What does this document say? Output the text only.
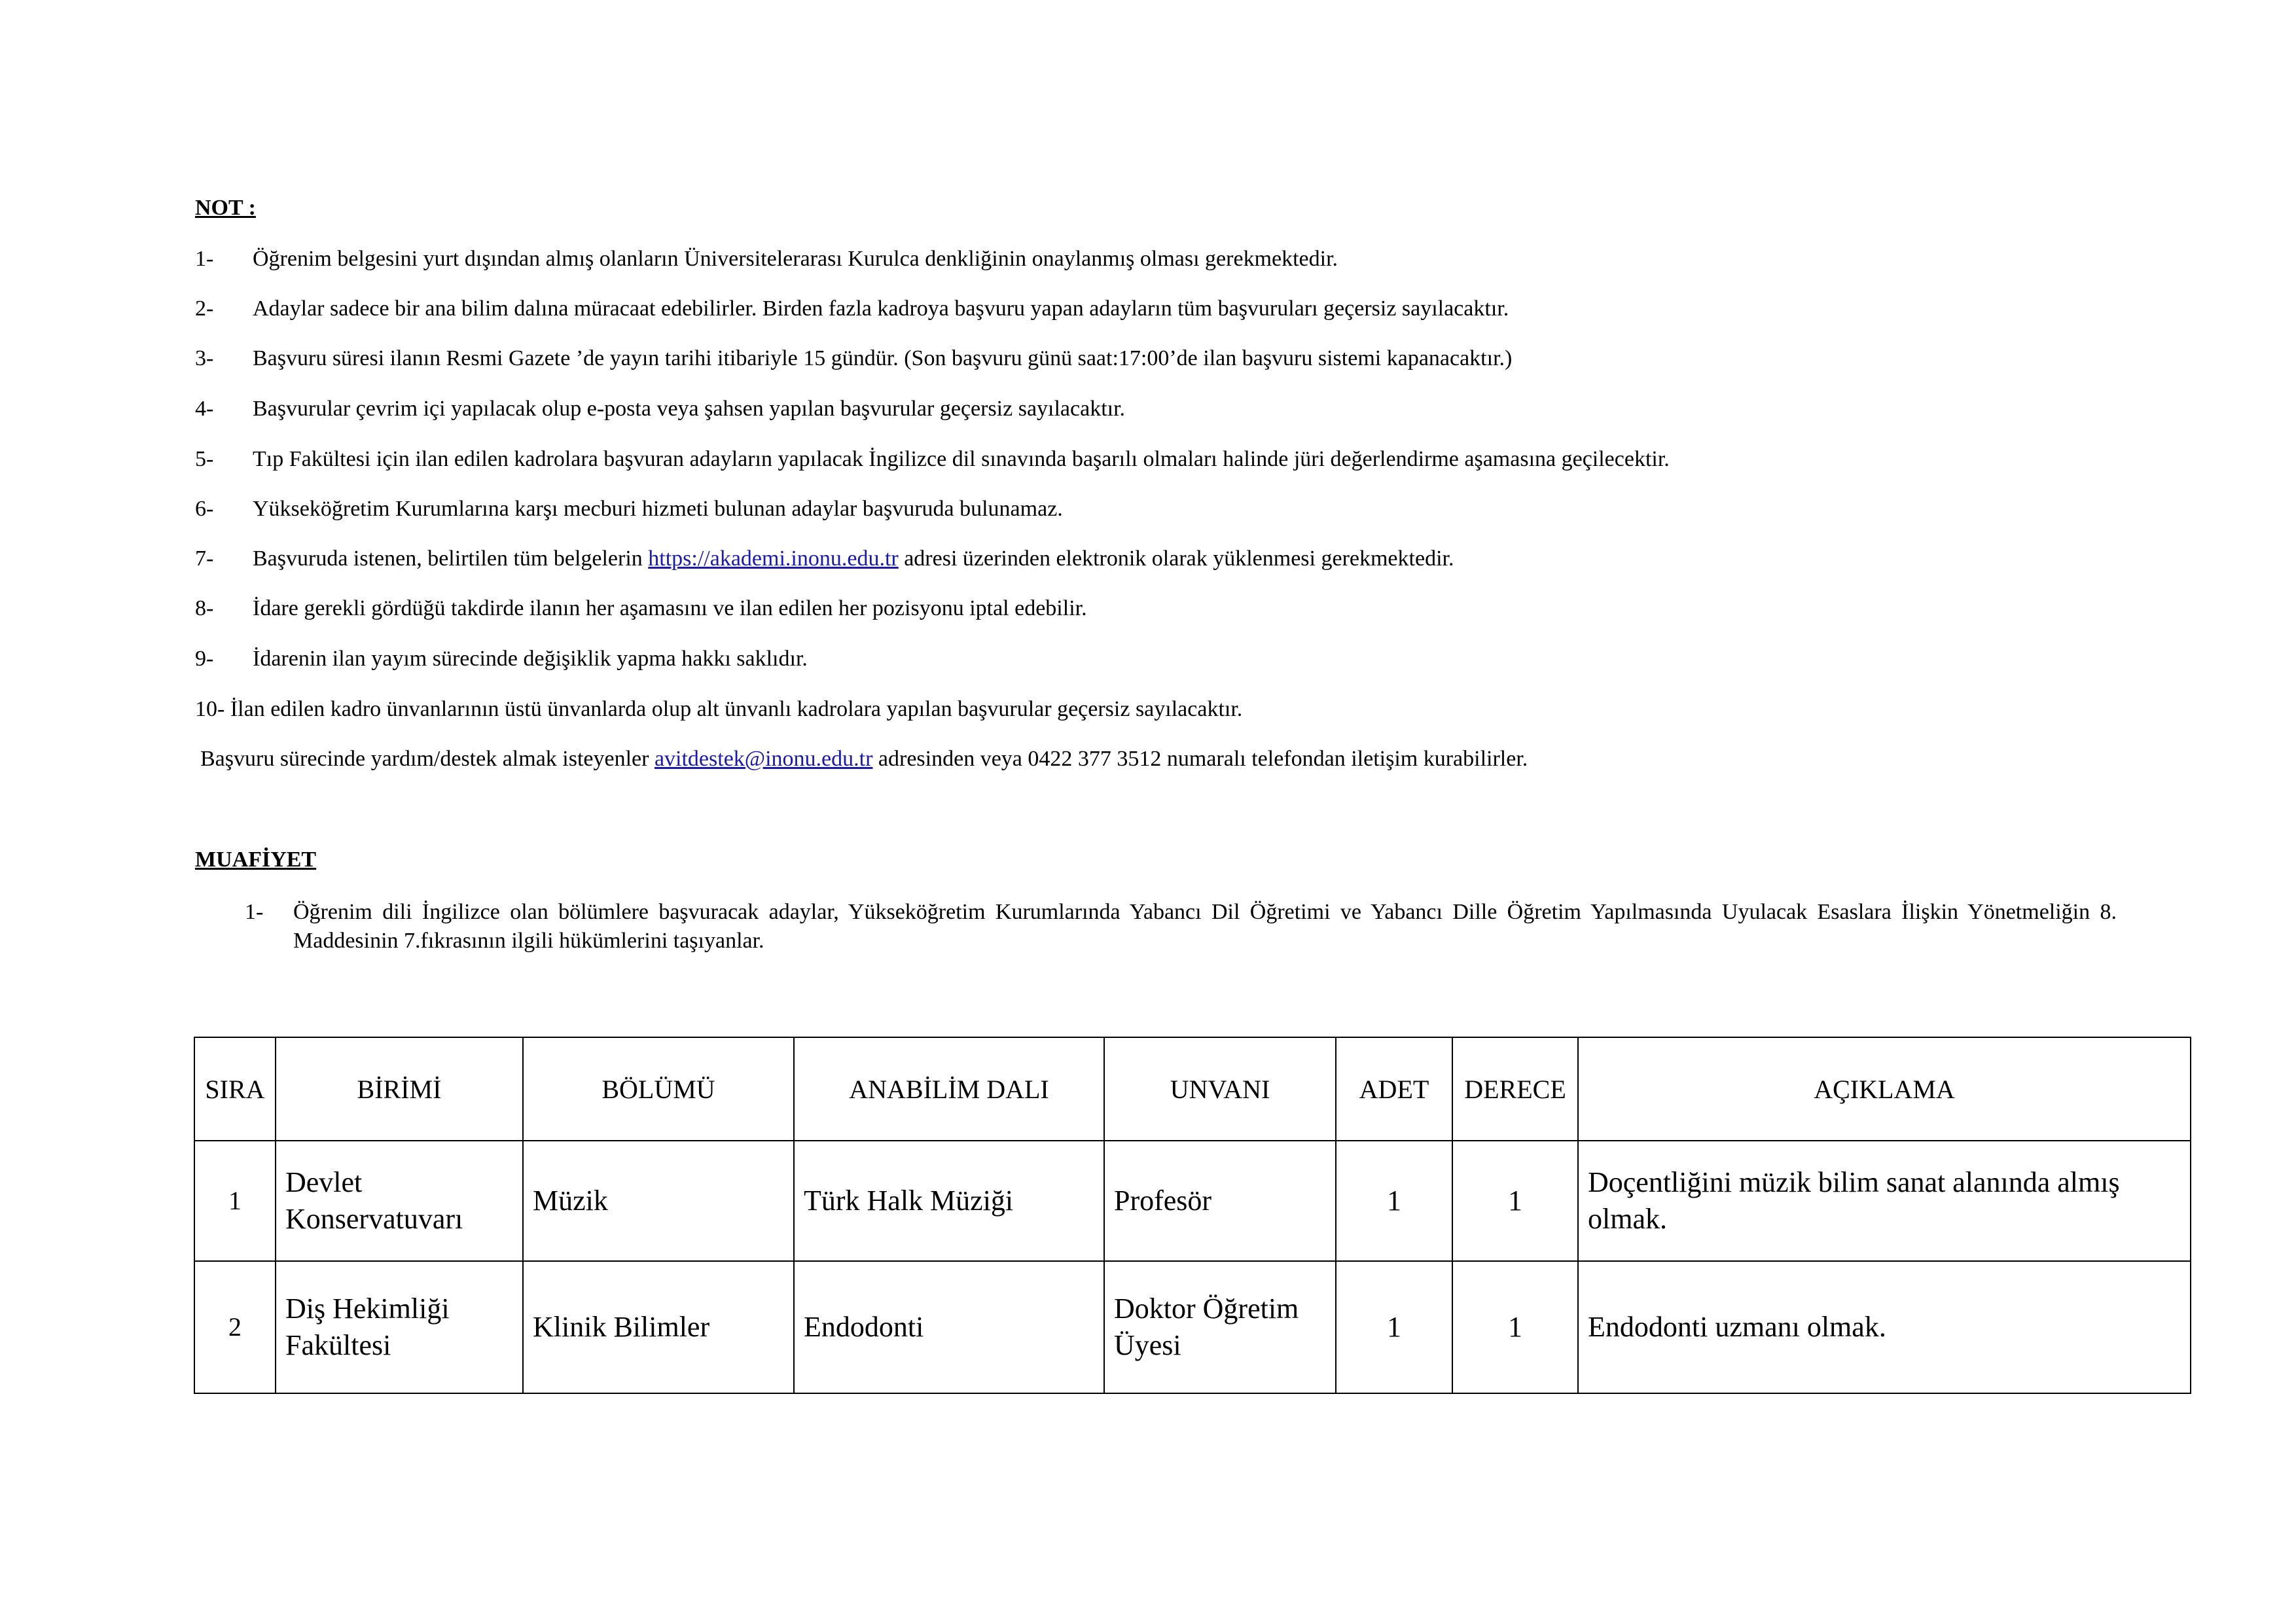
NOT :
1- Öğrenim belgesini yurt dışından almış olanların Üniversitelerarası Kurulca denkliğinin onaylanmış olması gerekmektedir.
2- Adaylar sadece bir ana bilim dalına müracaat edebilirler. Birden fazla kadroya başvuru yapan adayların tüm başvuruları geçersiz sayılacaktır.
3- Başvuru süresi ilanın Resmi Gazete ’de yayın tarihi itibariyle 15 gündür. (Son başvuru günü saat:17:00’de ilan başvuru sistemi kapanacaktır.)
4- Başvurular çevrim içi yapılacak olup e-posta veya şahsen yapılan başvurular geçersiz sayılacaktır.
5- Tıp Fakültesi için ilan edilen kadrolara başvuran adayların yapılacak İngilizce dil sınavında başarılı olmaları halinde jüri değerlendirme aşamasına geçilecektir.
6- Yükseköğretim Kurumlarına karşı mecburi hizmeti bulunan adaylar başvuruda bulunamaz.
7- Başvuruda istenen, belirtilen tüm belgelerin https://akademi.inonu.edu.tr adresi üzerinden elektronik olarak yüklenmesi gerekmektedir.
8- İdare gerekli gördüğü takdirde ilanın her aşamasını ve ilan edilen her pozisyonu iptal edebilir.
9- İdarenin ilan yayım sürecinde değişiklik yapma hakkı saklıdır.
10- İlan edilen kadro ünvanlarının üstü ünvanlarda olup alt ünvanlı kadrolara yapılan başvurular geçersiz sayılacaktır.
Başvuru sürecinde yardım/destek almak isteyenler avitdestek@inonu.edu.tr adresinden veya 0422 377 3512 numaralı telefondan iletişim kurabilirler.
MUAFİYET
1- Öğrenim dili İngilizce olan bölümlere başvuracak adaylar, Yükseköğretim Kurumlarında Yabancı Dil Öğretimi ve Yabancı Dille Öğretim Yapılmasında Uyulacak Esaslara İlişkin Yönetmeliğin 8. Maddesinin 7.fıkrasının ilgili hükümlerini taşıyanlar.
SIRA	BİRİMİ	BÖLÜMÜ	ANABİLİM DALI	UNVANI	ADET	DERECE	AÇIKLAMA
1	Devlet Konservatuvarı	Müzik	Türk Halk Müziği	Profesör	1	1	Doçentliğini müzik bilim sanat alanında almış olmak.
2	Diş Hekimliği Fakültesi	Klinik Bilimler	Endodonti	Doktor Öğretim Üyesi	1	1	Endodonti uzmanı olmak.
